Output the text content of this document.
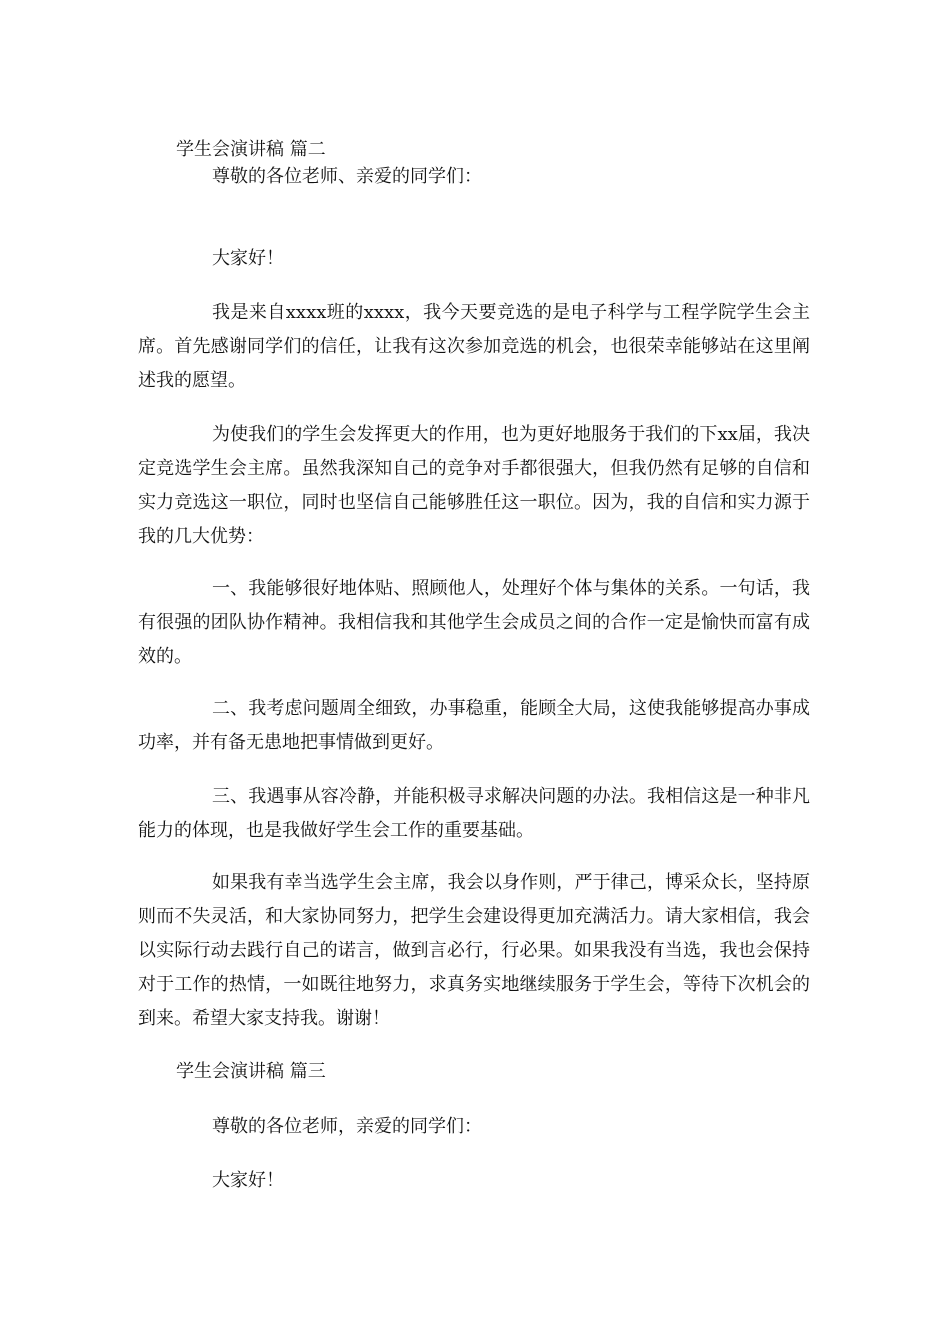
学生会演讲稿 篇二
尊敬的各位老师、亲爱的同学们：
大家好！
我是来自xxxx班的xxxx，我今天要竞选的是电子科学与工程学院学生会主席。首先感谢同学们的信任，让我有这次参加竞选的机会，也很荣幸能够站在这里阐述我的愿望。
为使我们的学生会发挥更大的作用，也为更好地服务于我们的下xx届，我决定竞选学生会主席。虽然我深知自己的竞争对手都很强大，但我仍然有足够的自信和实力竞选这一职位，同时也坚信自己能够胜任这一职位。因为，我的自信和实力源于我的几大优势：
一、我能够很好地体贴、照顾他人，处理好个体与集体的关系。一句话，我有很强的团队协作精神。我相信我和其他学生会成员之间的合作一定是愉快而富有成效的。
二、我考虑问题周全细致，办事稳重，能顾全大局，这使我能够提高办事成功率，并有备无患地把事情做到更好。
三、我遇事从容冷静，并能积极寻求解决问题的办法。我相信这是一种非凡能力的体现，也是我做好学生会工作的重要基础。
如果我有幸当选学生会主席，我会以身作则，严于律己，博采众长，坚持原则而不失灵活，和大家协同努力，把学生会建设得更加充满活力。请大家相信，我会以实际行动去践行自己的诺言，做到言必行，行必果。如果我没有当选，我也会保持对于工作的热情，一如既往地努力，求真务实地继续服务于学生会，等待下次机会的到来。希望大家支持我。谢谢！
学生会演讲稿 篇三
尊敬的各位老师，亲爱的同学们：
大家好！
